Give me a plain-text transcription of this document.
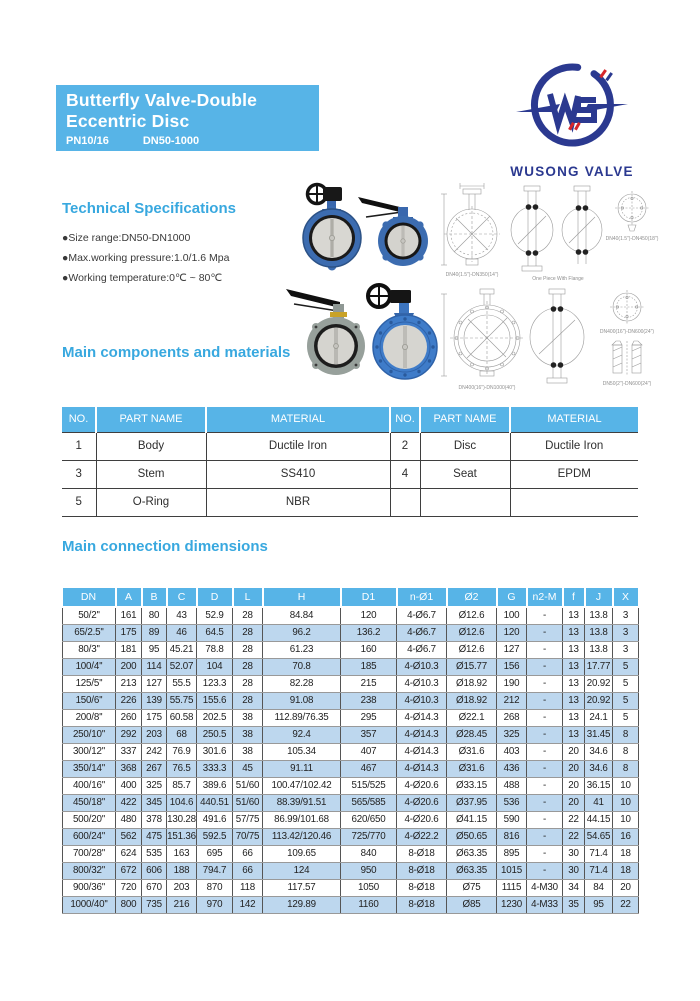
Butterfly Valve-Double
Eccentric Disc
PN10/16	DN50-1000
WUSONG VALVE
Technical Specifications
Main components and materials
Main connection dimensions
●Size range:DN50-DN1000
●Max.working pressure:1.0/1.6 Mpa
●Working temperature:0℃ ~ 80℃	DN40(1.5")-DN350(14")
One Piece With Flange
DN40(1.5")-DN450(18")
DN400(16")-DN1000(40")
DN400(16")-DN600(24")
DN50(2")-DN600(24")
NO.	PART NAME	MATERIAL	NO.	PART NAME	MATERIAL
1	Body	Ductile Iron	2	Disc	Ductile Iron
3	Stem	SS410	4	Seat	EPDM
5	O-Ring	NBR			
DN	A	B	C	D	L	H	D1	n-Ø1	Ø2	G	n2-M	f	J	X
50/2''	161	80	43	52.9	28	84.84	120	4-Ø6.7	Ø12.6	100	-	13	13.8	3
65/2.5''	175	89	46	64.5	28	96.2	136.2	4-Ø6.7	Ø12.6	120	-	13	13.8	3
80/3''	181	95	45.21	78.8	28	61.23	160	4-Ø6.7	Ø12.6	127	-	13	13.8	3
100/4''	200	114	52.07	104	28	70.8	185	4-Ø10.3	Ø15.77	156	-	13	17.77	5
125/5''	213	127	55.5	123.3	28	82.28	215	4-Ø10.3	Ø18.92	190	-	13	20.92	5
150/6''	226	139	55.75	155.6	28	91.08	238	4-Ø10.3	Ø18.92	212	-	13	20.92	5
200/8''	260	175	60.58	202.5	38	112.89/76.35	295	4-Ø14.3	Ø22.1	268	-	13	24.1	5
250/10''	292	203	68	250.5	38	92.4	357	4-Ø14.3	Ø28.45	325	-	13	31.45	8
300/12''	337	242	76.9	301.6	38	105.34	407	4-Ø14.3	Ø31.6	403	-	20	34.6	8
350/14''	368	267	76.5	333.3	45	91.11	467	4-Ø14.3	Ø31.6	436	-	20	34.6	8
400/16''	400	325	85.7	389.6	51/60	100.47/102.42	515/525	4-Ø20.6	Ø33.15	488	-	20	36.15	10
450/18''	422	345	104.6	440.51	51/60	88.39/91.51	565/585	4-Ø20.6	Ø37.95	536	-	20	41	10
500/20''	480	378	130.28	491.6	57/75	86.99/101.68	620/650	4-Ø20.6	Ø41.15	590	-	22	44.15	10
600/24''	562	475	151.36	592.5	70/75	113.42/120.46	725/770	4-Ø22.2	Ø50.65	816	-	22	54.65	16
700/28''	624	535	163	695	66	109.65	840	8-Ø18	Ø63.35	895	-	30	71.4	18
800/32''	672	606	188	794.7	66	124	950	8-Ø18	Ø63.35	1015	-	30	71.4	18
900/36''	720	670	203	870	118	117.57	1050	8-Ø18	Ø75	1115	4-M30	34	84	20
1000/40''	800	735	216	970	142	129.89	1160	8-Ø18	Ø85	1230	4-M33	35	95	22
